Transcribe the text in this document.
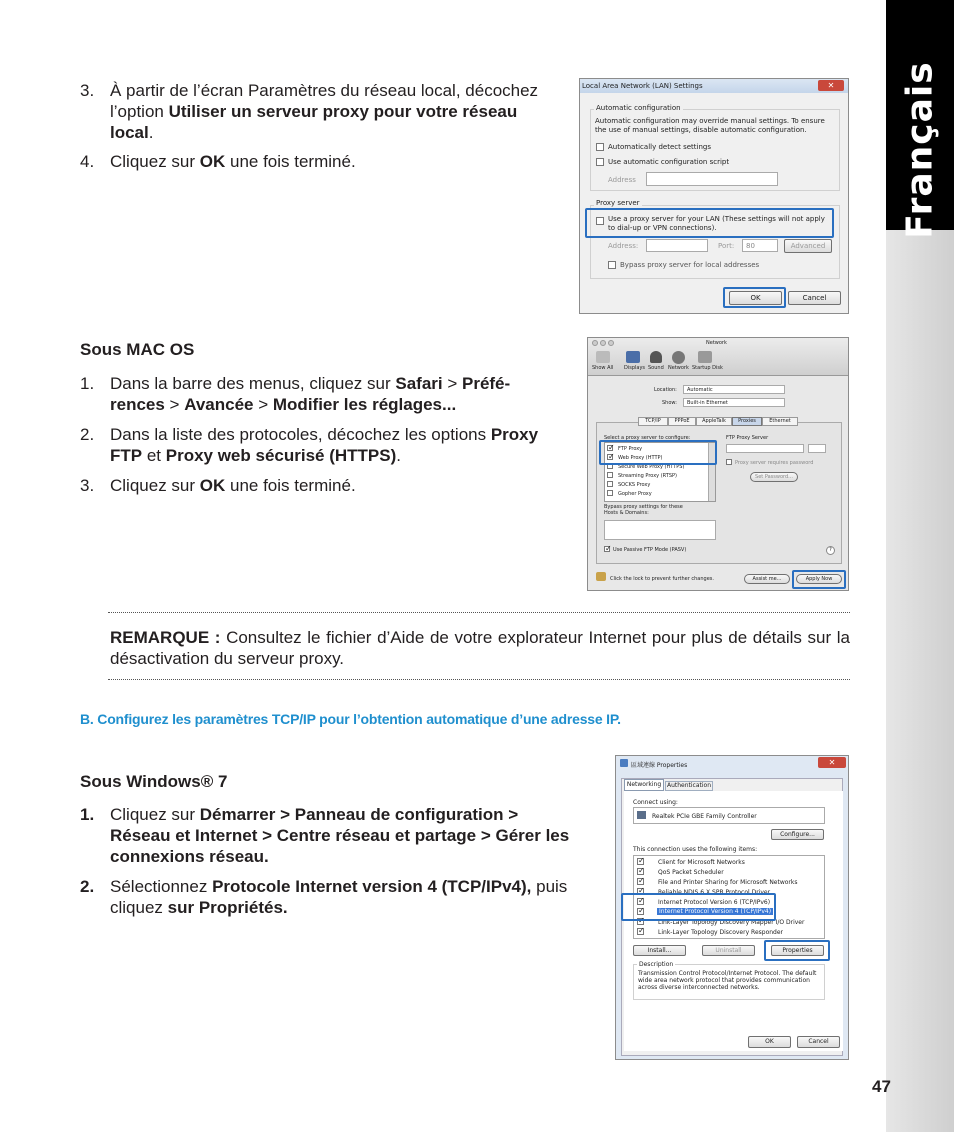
Français
3. À partir de l’écran Paramètres du réseau local, décochez l’option Utiliser un serveur proxy pour votre réseau local.
4. Cliquez sur OK une fois terminé.
Local Area Network (LAN) Settings	✕
Automatic configuration
Automatic configuration may override manual settings. To ensure the use of manual settings, disable automatic configuration.
Automatically detect settings
Use automatic configuration script
Address
Proxy server
Use a proxy server for your LAN (These settings will not apply to dial-up or VPN connections).
Address:	Port:	80	Advanced
Bypass proxy server for local addresses
OK	Cancel
Sous MAC OS
1. Dans la barre des menus, cliquez sur Safari > Préfé- rences > Avancée > Modifier les réglages...
2. Dans la liste des protocoles, décochez les options Proxy FTP et Proxy web sécurisé (HTTPS).
3. Cliquez sur OK une fois terminé.
Network
Show All Displays Sound Network Startup Disk
Location:	Automatic
Show:	Built-in Ethernet
TCP/IP	PPPoE	AppleTalk	Proxies	Ethernet
Select a proxy server to configure:
✓
FTP Proxy
✓
Web Proxy (HTTP)
Secure Web Proxy (HTTPS)
Streaming Proxy (RTSP)
SOCKS Proxy
Gopher Proxy
FTP Proxy Server
Proxy server requires password
Set Password...
Bypass proxy settings for these Hosts & Domains:
✓
Use Passive FTP Mode (PASV)	?
Click the lock to prevent further changes.	Assist me...	Apply Now
REMARQUE : Consultez le fichier d’Aide de votre explorateur Internet pour plus de détails sur la désactivation du serveur proxy.
B. Configurez les paramètres TCP/IP pour l’obtention automatique d’une adresse IP.
Sous Windows® 7
1. Cliquez sur Démarrer > Panneau de configuration > Réseau et Internet > Centre réseau et partage > Gérer les connexions réseau.
2. Sélectionnez Protocole Internet version 4 (TCP/IPv4), puis cliquez sur Propriétés.
區域連線 Properties	✕
Networking Authentication
Connect using:
Realtek PCIe GBE Family Controller
Configure...
This connection uses the following items:
✓
Client for Microsoft Networks
✓
QoS Packet Scheduler
✓
File and Printer Sharing for Microsoft Networks
✓
Reliable NDIS 6 X SPR Protocol Driver
✓
Internet Protocol Version 6 (TCP/IPv6)
✓
Internet Protocol Version 4 (TCP/IPv4)
✓
Link-Layer Topology Discovery Mapper I/O Driver
✓
Link-Layer Topology Discovery Responder
Install...	Uninstall	Properties
Description
Transmission Control Protocol/Internet Protocol. The default wide area network protocol that provides communication across diverse interconnected networks.
OK	Cancel
47
